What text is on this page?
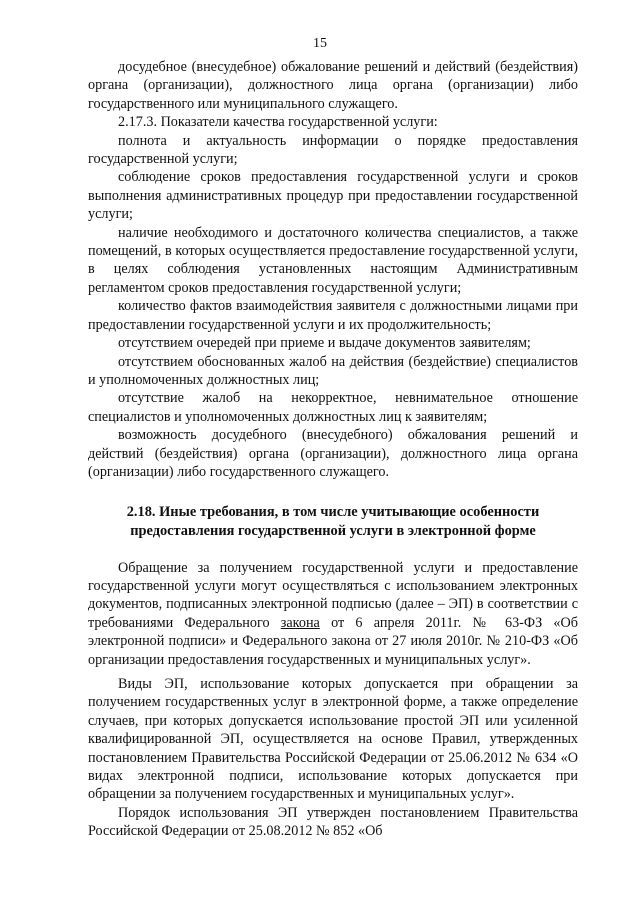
15

досудебное (внесудебное) обжалование решений и действий (бездействия) органа (организации), должностного лица органа (организации) либо государственного или муниципального служащего.

2.17.3. Показатели качества государственной услуги:

полнота и актуальность информации о порядке предоставления государственной услуги;

соблюдение сроков предоставления государственной услуги и сроков выполнения административных процедур при предоставлении государственной услуги;

наличие необходимого и достаточного количества специалистов, а также помещений, в которых осуществляется предоставление государственной услуги, в целях соблюдения установленных настоящим Административным регламентом сроков предоставления государственной услуги;

количество фактов взаимодействия заявителя с должностными лицами при предоставлении государственной услуги и их продолжительность;

отсутствием очередей при приеме и выдаче документов заявителям;

отсутствием обоснованных жалоб на действия (бездействие) специалистов и уполномоченных должностных лиц;

отсутствие жалоб на некорректное, невнимательное отношение специалистов и уполномоченных должностных лиц к заявителям;

возможность досудебного (внесудебного) обжалования решений и действий (бездействия) органа (организации), должностного лица органа (организации) либо государственного служащего.

2.18. Иные требования, в том числе учитывающие особенности
предоставления государственной услуги в электронной форме

Обращение за получением государственной услуги и предоставление государственной услуги могут осуществляться с использованием электронных документов, подписанных электронной подписью (далее – ЭП) в соответствии с требованиями Федерального закона от 6 апреля 2011г. № 63-ФЗ «Об электронной подписи» и Федерального закона от 27 июля 2010г. № 210-ФЗ «Об организации предоставления государственных и муниципальных услуг».

Виды ЭП, использование которых допускается при обращении за получением государственных услуг в электронной форме, а также определение случаев, при которых допускается использование простой ЭП или усиленной квалифицированной ЭП, осуществляется на основе Правил, утвержденных постановлением Правительства Российской Федерации от 25.06.2012 № 634 «О видах электронной подписи, использование которых допускается при обращении за получением государственных и муниципальных услуг».

Порядок использования ЭП утвержден постановлением Правительства Российской Федерации от 25.08.2012 № 852 «Об
